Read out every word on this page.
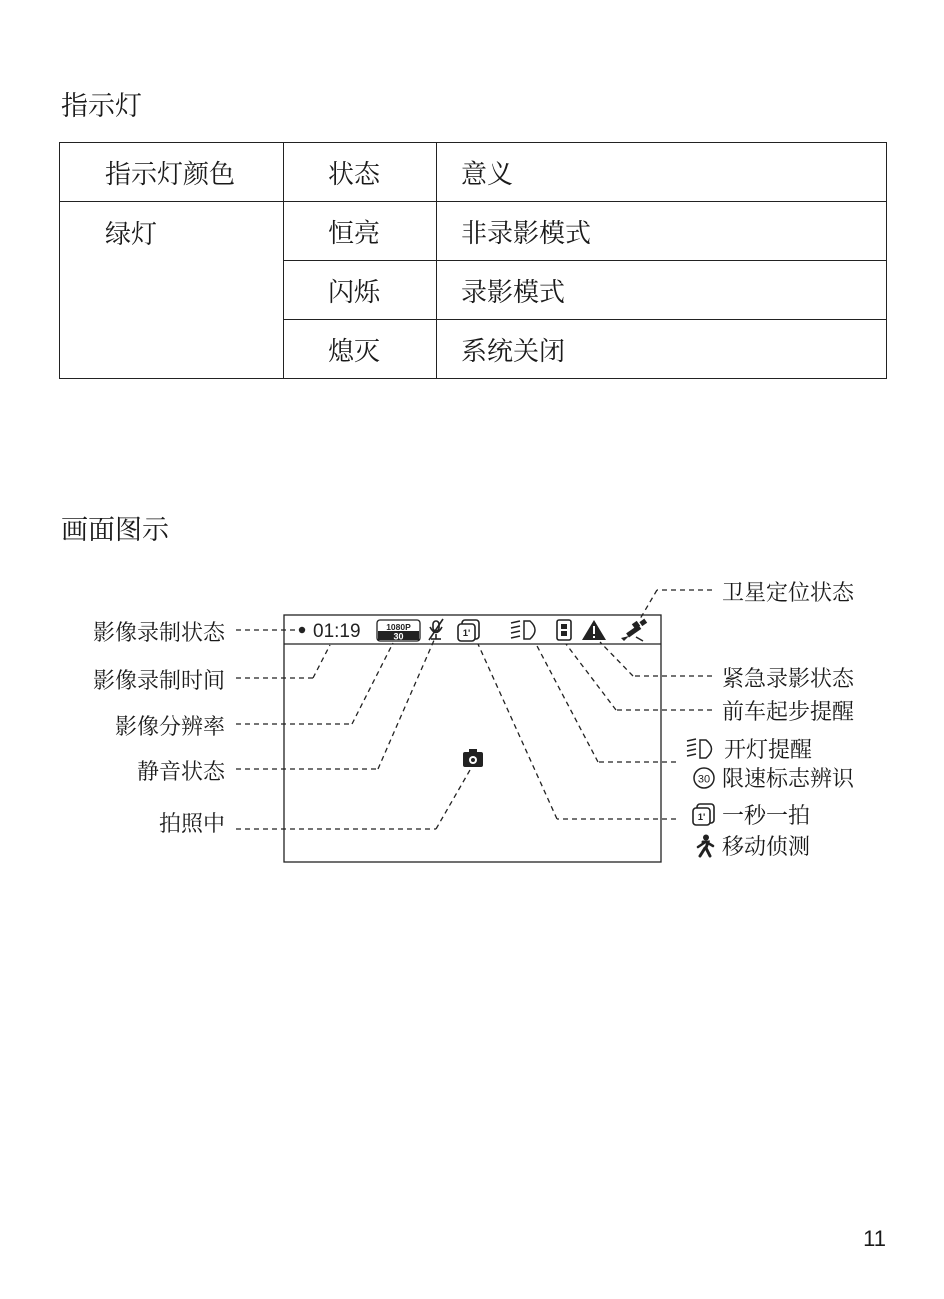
指示灯
指示灯颜色	状态	意义
绿灯	恒亮	非录影模式
	闪烁	录影模式
	熄灭	系统关闭
画面图示
01:19	1080P
30	1'
影像录制状态
影像录制时间
影像分辨率
静音状态
拍照中
卫星定位状态
紧急录影状态
前车起步提醒
开灯提醒
30 限速标志辨识
1' 一秒一拍
移动侦测
11
